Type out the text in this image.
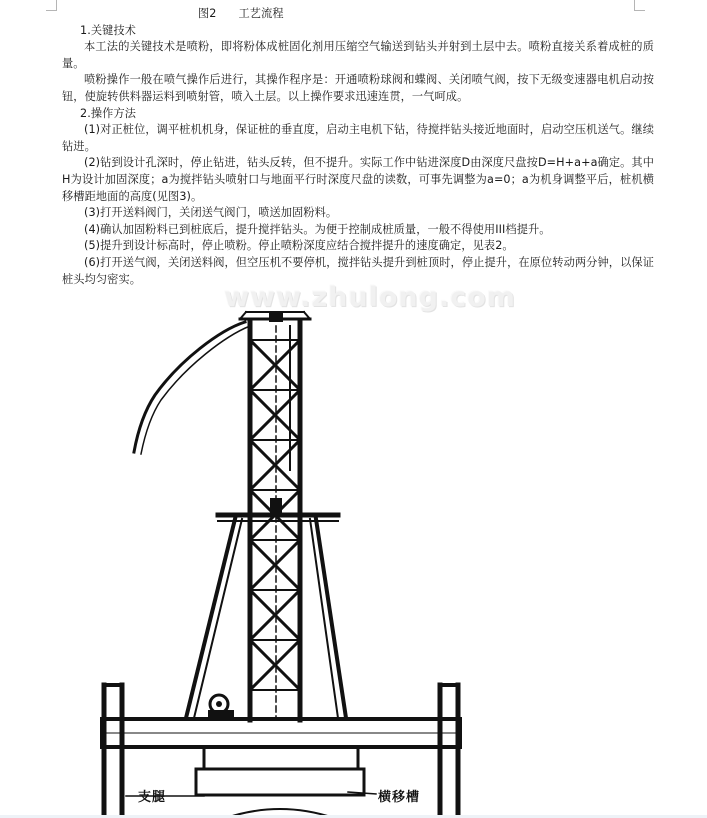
图2 工艺流程

1.关键技术

本工法的关键技术是喷粉，即将粉体成桩固化剂用压缩空气输送到钻头并射到土层中去。喷粉直接关系着成桩的质量。

喷粉操作一般在喷气操作后进行，其操作程序是：开通喷粉球阀和蝶阀、关闭喷气阀，按下无级变速器电机启动按钮，使旋转供料器运料到喷射管，喷入土层。以上操作要求迅速连贯，一气呵成。

2.操作方法

(1)对正桩位，调平桩机机身，保证桩的垂直度，启动主电机下钻，待搅拌钻头接近地面时，启动空压机送气。继续钻进。

(2)钻到设计孔深时，停止钻进，钻头反转，但不提升。实际工作中钻进深度D由深度尺盘按D=H+a+a确定。其中H为设计加固深度；a为搅拌钻头喷射口与地面平行时深度尺盘的读数，可事先调整为a=0；a为机身调整平后，桩机横移槽距地面的高度(见图3)。

(3)打开送料阀门，关闭送气阀门，喷送加固粉料。

(4)确认加固粉料已到桩底后，提升搅拌钻头。为便于控制成桩质量，一般不得使用III档提升。

(5)提升到设计标高时，停止喷粉。停止喷粉深度应结合搅拌提升的速度确定，见表2。

(6)打开送气阀，关闭送料阀，但空压机不要停机，搅拌钻头提升到桩顶时，停止提升，在原位转动两分钟，以保证桩头均匀密实。

www.zhulong.com
支腿	横移槽
